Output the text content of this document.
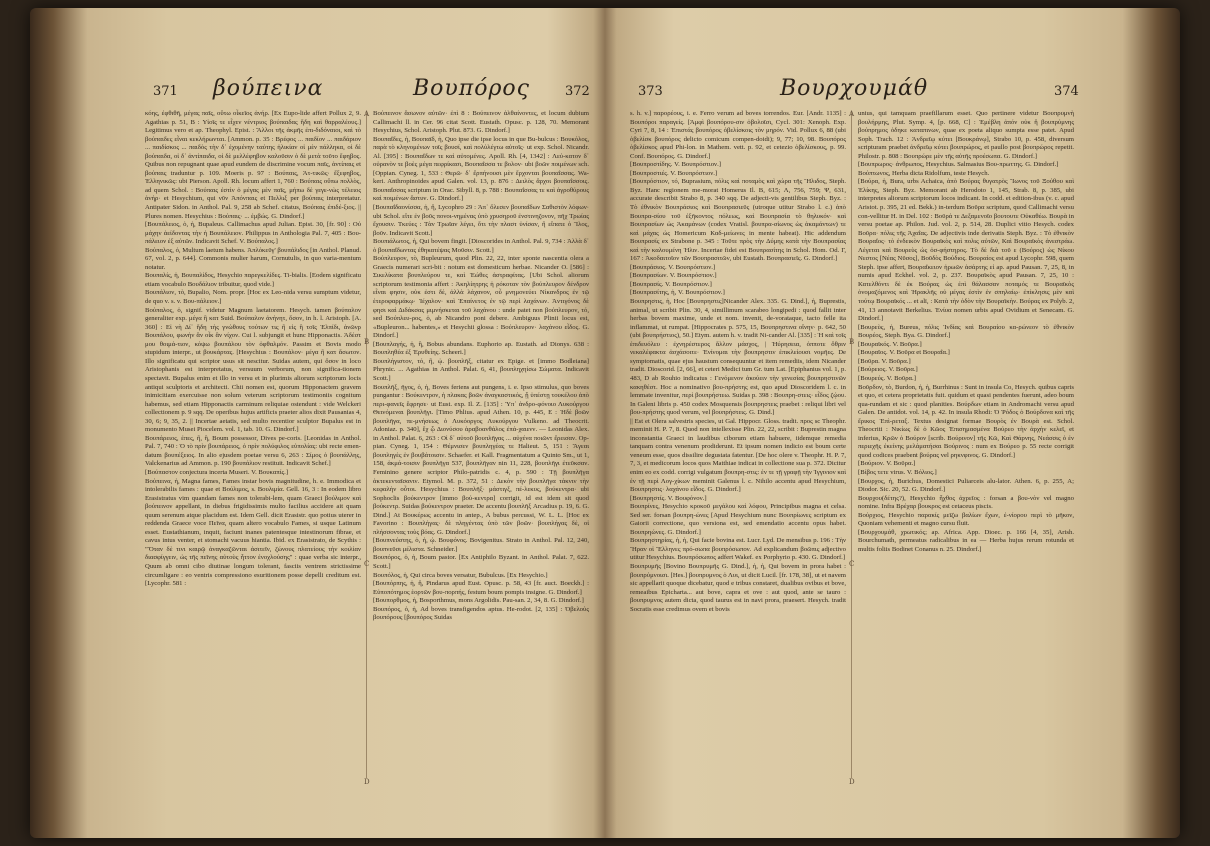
371 βούπεινα	Βουπόρος	372
κόης, ἐφθιθῆ, μέγας παῖς, οὕτω οἶκεῖος ἀνήρ. [Ex Eupo-lide affert Pollux 2, 9. Agathias p. 51, B : Υἱοῖς τε εἶχεν νέντριος βούπαιδας ἤδη καὶ θαρραλέους.] Legitimus vero et ap. Theophyl. Epist. : Ἄλλοι τῆς ἀκμῆς ἐπι-διδόναιοι, καὶ τὸ βούπαιδες εἶναι κεκλήρωνται. [Ammon. p. 35 : Βρέφος ... παιδίον ... παιδάριον ... παιδίσκος ... παιδὸς τὴν δ᾽ ἐχομένην ταύτης ἡλικίαν οἱ μὲν πάλληκα, οἱ δὲ βούπαιδα, οἱ δ᾽ ἀντίπαιδα, οἱ δὲ μελλέφηβον καλοῦσιν ὁ δὲ μετὰ τοῦτο ἔφηβος. Quibus non repugnant quae apud eundem de discrimine vocum παῖς, ἀντίπαις et βούπαις traduntur p. 109. Moeris p. 97 : Βούπαις, Ἀτ-τικῶς· ἔξεφηβος, Ἑλληνικῶς: ubi Pierson. Apoll. Rh. locum affert 1, 760 : Βούπαις οὔπω πολλὸς, ad quem Schol. : Βούπαις ἐστὶν ὁ μέγας μὲν παῖς, μήπω δὲ γεγε-νὼς τέλειος ἀνήρ· et Hesychium, qui νῦν Ἀπόνπαις et Πελλιξ per βούπαις interpretatur. Antipater Sidon. in Anthol. Pal. 9, 258 ab Schef. citatus, Βούπαις ἐπιδέ-ξιος. || Plures nomen. Hesychius : Βούπαις· ... ἐμβώς. G. Dindorf.]
[Βουπάλειος, ὁ, ἡ, Bupaleus. Callimachus apud Julian. Epist. 30, [fr. 90] : Οὐ μάχην ἀείδοντας τὴν ἡ Βουπάλειον. Philippus in Anthologia Pal. 7, 405 : Βου-πάλειον ἐξ αὐτῶν. Indicavit Schef. V. Βούπαλος.]
Βούπαλος, ὁ, Multum laetum habens. Ἀπλόκεῦγ' βουπάλιδος [in Anthol. Planud. 67, vol. 2, p. 644]. Commonis mulier harum, Cornutulis, in quo varia-mentum notatur.
Βουπαλίς, ἡ, Βουπαλίδος, Hesychio παρεγκελίδες. Ti-bialis. [Eodem significatu etiam vocabulo Βουδάλιον tribuitur, quod vide.]
Βουπάλιον, τὸ, Bupalio, Nom. propr. [Hoc ex Leo-nida versu sumptum videtur, de quo v. s. v. Βου-πάλειον.]
Βούπαλος, ὁ, signif. videtur Magnum laetatorem. Hesych. tamen βούπαλον generaliter exp. μέγα ἢ κατ Suid. Βούπαλον ἀνήνητ, ὅσον, in h. l. Aristoph. [A. 360] : Εἰ νὴ Δί᾽ ἤδη τὴς γνώθους τούτων τις ἢ εἰς ἢ τοῖς Ἐλπίδι, ἀνῶνρ Βουπάλου, φωνὴν ἂν οἶκ ἂν νίχον. Cui l. subjungit et hunc Hipponactis. Ἀδέστ μου θοιμά-τιον, κόψω βουπάλου τὸν ὀφθαλμόν. Passim et Bovis modo stupidum interpr., ut βουκάρτας. [Hesychius : Βουπάλον· μέγα ἢ κατ ἄσωτον. Illo significatu qui scriptor usus sit nescitur. Suidas autem, qui ὅσον in loco Aristophanis est interpretatus, versuum verborum, non significa-tionem spectavit. Bupalus enim et illo in versu et in plurimis aliorum scriptorum locis antiqui sculptoris et architecti. Chii nomen est, quorum Hipponactem gravem inimicitiam exercuisse non solum veterum scriptorum testimoniis cognitum habemus, sed etiam Hipponactis carminum reliquiae ostendunt : vide Welckeri collectionem p. 9 sqq. De operibus hujus artificis praeter alios dixit Pausanias 4, 30, 6; 9, 35, 2. || Incertae aetatis, sed multo recentior sculptor Bupalus est in monumento Musei Piocelem. vol. 1, tab. 10. G. Dindorf.]
Βουπάρειος, ἐπες, ἢ, ἢ, Boum possessor, Dives pe-coris. [Leonidas in Anthol. Pal. 7, 740 : Ὁ τὸ πρὶν βουπάρειος, ὁ πρὶν πολύφιλος εὐπολίας: ubi recte emen-datum βουπέξειος. In alio ejusdem poetae versu 6, 263 : Σίμος ὁ βουπάλλης, Valckenarius ad Ammon. p. 190 βουπάλιον restituit. Indicavit Schef.]
[Βούπαστον conjectura incerta Museri. V. Βουκαπίς.]
Βούπεινα, ἡ, Magna fames, Fames instar bovis magnitudine, h. e. Immodica et intolerabilis fames : quae et Βούλιμος, s. Βουλιμία. Gell. 16, 3 : In eodem libro Erasistratus vim quandam fames non tolerabi-lem, quam Graeci βούλιμον καὶ βούπεινον appellant, in diebus frigidissimis multo facilius accidere ait quam quum serenum atque placidum est. Idem Gell. dicit Erasistr. quo potius uterer in reddenda Graece voce Πεῖνα, quam altero vocabulo Fames, si usque Latinum esset. Eustathianum, inquit, faciunt inanes patentesque intestinorum fibrae, et cavus intus venter, et stomachi vacuus hiantia. Ibid. ex Erasistrato, de Scythis : "Ὅταν δὲ τινι καιρῷ ἀναγκαζῶνται ἀσιτεῖν, ζώνους πλατείους τὴν κοιλίαν διασφίγγειν, ὡς τῆς πεῖνης αὐτοὺς ἧττον ἐνοχλούσης" : quae verba sic interpr., Quum ab omni cibo diutinae longum tolerant, fasciis ventrem strictissime circumligare : eo ventris compressiono esuritionem posse depelli creditum est. [Lycophr. 581 :
A
B
C
D
Βούπεινον ἄσωνον αὐτῶν· ἐπὶ 8 : Βούπεινον ἀλθαίνοντες, et locum dubium Callimachi ll. in Cer. 96 citat Scott. Eustath. Opusc. p. 128, 70. Memorant Hesychius, Schol. Aristoph. Plut. 873. G. Dindorf.]
Βουπαΐδες, ἡ, Βουπαϊδ, ἡ, Quo ipse die ipse locus in que Bu-bulcus : Βουκόλος, παρὰ τὸ κληνομένων τοῖς βουσί, καὶ πολὺλέγτω αὐτοῖς· ut exp. Schol. Nicandr. Al. [395] : Βουπαΐδων τε καὶ αὐτομένες. Apoll. Rh. [4, 1342] : Λεύ-κατον δ᾽ οὐρανὸν τε βοὲς μέγα πεφρίκασι, Βουπαΐσσα τε βολον· ubi βοῶν ποιμένων sch. [Oppian. Cyneg. 1, 533 : Θερῶ· δ᾽ ἔρπήνουσι μὲν ἔρχονται βουπαΐσσας. Wa-keri. Anthropinoides apud Galen. vol. 13, p. 876 : Δειλὸς ἄρχοι βουπαΐσσοις. Βουπαΐσσας scriptum in Orac. Sibyll. 8, p. 788 : Βουπαΐσσας τε καὶ ἀγροθύρους καὶ ποιμένων ἄστυν. G. Dindorf.]
[Βουπαΐδαονίσσα, ἡ, ἢ, Lycophro 29 : Ἀπ᾽ ὄλεσεν βουπαΐδων Σαθιστὸν λόφων· ubi Schol. εἴτε ἐν βοῦς πονοι-νημένας ὑπὸ χρυσηροῦ ἐνστινηζονον, πῆχ Τρωίας ἔχουσιν. Τκεύες : Τὰν Τρωῖαν λέγει, ὅτι τὴν πλαστ ὑνίσαν, ἢ εἴπατε ὁ Ἴλος, βοῦν. Indicavit Scott.]
Βουπιάλωτος, ἡ, Qui bovem fingit. [Dioscorides in Anthol. Pal. 9, 734 : Ἀλλὰ δ᾽ ὁ βουπαΐδωντας ἐθηκατέψας Μοῦσιν. Scott.]
Βούπλευρον, τὸ, Bupleurum, quod Plin. 22, 22, inter sponte nascentia olera a Graecis numerari scri-bit : notum est domesticum herbae. Nicander O. [586] : Σικελίκατα βουπλεύρου τε, καὶ Ἑώθες ἀστραφίτας. [Ubi Schol. aliorum scriptorum testimonia affert : Ἀκηλίητρης ἡ ρόκοταν τὸν βούπλευρον δένδρον εἶναι φησιν, οὐκ ἐστι δὲ, ἀλλὰ λάχανον, οὗ μνημονεύει Νίκανδρος ἐν τῷ ἑτεροφαρμάκῳ· Ἰέχαλον· καὶ Ἐπαίνετος ἐν τῷ περὶ λαχάνων. Ἀντιγόνος δὲ φησι καὶ Διδάκσας μιμνήσκεται τοῦ λαχάνου : unde patet non βούπλευρον, τό, sed Βούπλευ-ρος, ὁ, ab Nicandro poni debere. Ambiguus Plinii locus est, «Bupleuron... habentes,» et Hesychii glossa : Βούπλευρον· λαχάνου εἶδος. G. Dindorf.]
[Βουπλαγής, ἡ, ἢ, Bobus abundans. Euphorio ap. Eustath. ad Dionys. 638 : Βουπληθέα ἐξ Ἐρυθείης. Scheeri.]
Βουπλήγιστον, τό, ἢ, ᾠ. βουπλῆξ, citatur ex Epige. et [immo Bodleiana] Phrynic. ... Agathias in Anthol. Palat. 6, 41, βουπληχηίσω Σώματα. Indicavit Scott.]
Βουπλῆξ, ῆγος, ὁ, ἡ, Boves feriens aut pungens, i. e. Ipso stimulus, quo boves pungantur : Βούκεντρον, ἡ πλακας βοῶν ἀναγκαστικός, ᾗ ὑπέστῃ τουκέλου ἀπὸ περι-φανεῖς ἔφρησε· ut Eust. exp. Il. Z. [135] : Ὑπ᾽ ἀνδρο-φόνοιο Λυκούργου Θεινόμεναι βουπλῆγι. [Timo Phlius. apud Athen. 10, p. 445, E : Ἡδὲ βοῶν βουπλῆγα, πε-μνήσεως ὁ Λυκόοργος Λυκούργου Vulkeno. ad Theocrit. Adoniaz. p. 340], ἔχ ᾧ Διονύσου ἀραβοανθάλος ἐπά-χαιενν. — Leonidas Alex. in Anthol. Palat. 6, 263 : Οἱ δ᾽ αὐτοῦ βουπλῆγας ... αὐχένα ποιῶντ ἔρεισαν. Op-pian. Cyneg. 1, 154 : Θέμνισεν βουπληγέας τε Halieut. 5, 151 : Ἄγεαι βουπληγὲς ἐν βουβάτοισιν. Schaefer. et Kall. Fragmentatum a Quinto Sm., ut 1, 158, ἀκμά-τοισιν βουπλῆγα 537, βουπλῆγαν nin 11, 228, βουπλῆγι ἐτεῦκσαν. Feminino genere scriptor Philo-patridis c. 4, p. 590 : Τῇ βουπλῆγα ἀκτεκενταῖσανιν. Etymol. M. p. 372, 51 : Δεκὸν τὴν βουπλῆγα τάκνιν τὴν κεφαλὴν οὗτοι. Hesychius : Βουπλῆξ· μάστιγξ, πέ-λεκυς, βούκεντρα· ubi Sophoclis βούκεντρον [immo βού-κεντρα] corrigit, id est idem sit quod βούκεντρ. Suidas βούκεντρον praeter. De accentu βουπλῆξ Arcadius p. 19, 6. G. Dind.] At Βουκέρως accentu in antep., A bubus percussi, W. L. L. [Hoc ex Favorino : Βουπλήγας· δὲ πληγέντας ὑπὸ τῶν βοῶν· βουπλήγας δὲ, οἱ πλήσσοντας τοὺς βόας. G. Dindorf.]
[Βουπνεύστης, ὁ, ἡ, ᾠ. Βουφόνος. Bovigenitus. Strato in Anthol. Pal. 12, 240, βουπνεῦσι μέλιστα. Schneider.]
Βουπόρος, ὁ, ἡ, Boum pastor. [Ex Antiphilo Byzant. in Anthol. Palat. 7, 622. Scott.]
Βουπόλος, ἡ, Qui circa boves versatur, Bubulcus. [Ex Hesychio.]
[Βουπόρπης, ἡ, ἢ, Pindarus apud Eust. Opusc. p. 58, 43 [fr. auct. Boeckh.] : Εὐποπότημος ἑορτῶν βου-πορπής, festum boum pompis insigne. G. Dindorf.]
[Βουπορθμος, ἡ, Bosporthmus, mons Argolidis. Pau-san. 2, 34, 8. G. Dindorf.]
Βουπόρος, ὁ, ἡ, Ad boves transfigendos aptus. He-rodot. [2, 135] : Ὀβελοὺς βουπόρους [βουπόρος Suidas
373	Βουρχουμάθ	374
s. h. v.] παρορέους, i. e. Ferro verum ad boves torrendos. Eur. [Andr. 1135] : Βουπόροι παραγείς. [Ἀμφὶ βουπόρου-σιν ὀβολοῖσι, Cycl. 301: Xenoph. Exp. Cyri 7, 8, 14 : Ἐπιστάς βουπόρος ὀβελίσκοις τὸν μηρόν. Vid. Pollux 6, 88 (ubi ὀβελίσκ βουπόρος delicto comicum compen-doidi); 9, 77; 10, 98. Βουπόρος ὀβελίσκος apud Phi-lon. in Mathem. vett. p. 92, et cetezio ὀβελίσκους, p. 99. Conf. Βουπόρος. G. Dindorf.]
[Βουπροστίδης. V. Βουπρόστιον.]
[Βουπροστιές. V. Βουπρόστιον.]
[Βουπρόστιον, τό, Buprasium, πόλις καὶ ποταμὸς καὶ χώρα τῆς Ἤλιδος, Steph. Byz. Hanc regionem me-morat Homerus Il. B, 615; Λ, 756, 759; Ψ, 631, accurate describit Strabo 8, p. 340 sqq. De adjecti-vis gentilibus Steph. Byz. : Τὸ ἐθνικὸν Βουπράσιος καὶ Βουπρασιεῦς (utroque utitur Strabo l. c.) ἀπὸ Βουπρα-σίου τοῦ ἐξῆκοντος πόλεως, καὶ Βουπρασία τὸ θηλυκόν· καὶ Βουπρασίων ὡς Ἀκαμάνων (codex Vratisl. βουπρα-σίωνος ὡς ἀκαμάντων) τε καὶ μάχας ὡς Homericum Καδ-μείωνες in mente habeat). Hic addendum Βουπρασίς ex Strabone p. 345 : Τοῦτε πρὸς τὴν Δύμης κατὰ τὴν Βουπρασίας καὶ τὴν καλουμένη Ἠλιν. Incertae fidei est Βουπρασίτης in Schol. Hom. Od. Γ, 167 : Ἀκοδαιτοῖον τῶν Βουπρασιτῶν, ubi Eustath. Βουπρασιεῖς. G. Dindorf.]
[Βουπράσιος. V. Βουπρόστιον.]
[Βουπρασίων. V. Βουπρόστιον.]
[Βουπρασίς. V. Βουπρόστιον.]
[Βουπρασίτης, ἡ, V. Βουπρόστιον.]
Βουπρηστις, ἡ, Hoc [Βουπρηστις]Nicander Alex. 335. G. Dind.], ἡ, Buprestis, animal, ut scribit Plin. 30, 4, simillimum scarabeo longipedi : quod fallit inter herbas bovem maxime, unde et nom. invenit, de-vorataque, tacto felle ita inflammat, ut rumpat. [Hippocrates p. 575, 15, Βουπρηστινα οἴνην· p. 642, 50 (ubi βουπρήστιος), 50.] Etym. autem h. v. tradit Ni-cander Al. [335] : Ἡ καὶ τοῖς ἐπιδευόλευ : ἐχνηρέστερος ἄλλον μάσχος, | Ἠύρησεια, ὀπποτε ὄθριν νεκαλέφακτα ἀσχάσοιτε· Ἐνίνομαι τὴν βουπρηστιν ἐπικλείουσι νομῆες. De symptomatis, quae ejus haustum consequuntur et item remediis, idem Nicander tradit. Dioscorid. [2, 66], et ceteri Medici tum Gr. tum Lat. [Epiphanius vol. 1, p. 483, D ab Rouhio indicatus : Γενόμενον ἀκούειν τὴν γενεσίας βουπρηστινῶν κακηθέστ. Hoc a nominativo βου-πρήστης est, quo apud Dioscoridem l. c. in lemmate invenitur, περὶ βουπρήστεω. Suidas p. 398 : Βουπρη-στεις· εἶδος ζῴου. In Galeni libris p. 450 codex Mosquensis βουπρηστεις praebet : reliqui libri vel βου-πρήστης quod verum, vel βουπρήστεις. G. Dind.]
|| Est et Olera salvestris species, ut Gal. Hippocr. Gloss. tradit. προς sc Theophr. meminit H. P. 7, 8. Quod non intellexisse Plin. 22, 22, scribit : Buprestin magna inconstantia Graeci in laudibus ciborum etiam habuere, iidemque remedia tanquam contra venenum prodiderunt. Et ipsum nomen indicio est boum certe veneum esse, quos dissilire degustata fatentur. [De hoc olere v. Theophr. H. P. 7, 7, 3, et medicorum locos quos Matthiae indicat in collectione sua p. 372. Dicitur enim eo ex codd. corrigi vulgatum βουπρη-στις: ἐν τε τῇ γραφῇ τὴν Ἰγγινιον καὶ ἐν τῇ περὶ Λογ-χίκων meminit Galenus l. c. Nihilo accentu apud Hesychium, Βουπρηστις· λαχάνου εἶδος. G. Dindorf.]
[Βουπρηστίς. V. Βουφόνον.]
Βουπρίνες, Hesychio κροκοῦ μεγάλου καὶ λόφου, Principibus magna et celsa. Sed ser. forsan βουπρη-ώνες [Apud Hesychium nunc Βουπρίωνες scriptum ex Gaiorii correctione, quo versiona est, sed emendatio accentu opus habet. Βουπρηώνες. G. Dindorf.]
Βουπρηστηρίας, ἡ, ἡ, Qui facie bovina est. Lucr. Lyd. De mensibus p. 196 : Τὴν Ἥραν οἱ Ἕλληνες πρό-σωπα βουπρόσωπον. Ad explicandum βοῶπις adjectivo utitur Hesychius. Βουπρόσωπος adfert Wakef. ex Porphyrio p. 430. G. Dindorf.]
Βουπρυμῆς [Bovino Βουπρυμῆς G. Dind.], ἡ, ἡ, Qui bovem in prora habet : βουπρύμνοισι. [Hes.] βουπρυμνος ὁ Λυι, ut dicit Lucil. [fr. 178, 38], ut et navem sic appellarit quoque dicebatur, quod e tribus constaret, dualibus ovibus et bove, remeaibus Epicharta... aut bove, capra et ove : aut quod, ante se tauro : βουπρυμνος autem dicta, quod taurus est in navi prora, praesert. Hesych. tradit Socratis esse credimus ovem et bovis
A
B
C
D
unius, qui tamquam praefillarum esset. Quo pertinere videtur Βουπρυμνὴ βουλήρμης, Plut. Symp. 4, [p. 668, C] : Ἐμέβλη ἀπόν οὐκ ἢ βουπρύμνης βούπρημος ὀδηκε καταπινων, quae ex poeta aliquo sumpta esse patet. Apud Soph. Trach. 12 : Ἀνδρεῖῳ κύτει [Βουκράνῳ], Strabo 10, p. 458, diversum scripturam praebet ἀνδρεῖῳ κύτει βουπρώρος, et paullo post βουπρώρος repetit. Philostr. p. 808 : Βουπρώρε μὲν τῆς αὐτῆς προέσωπα. G. Dindorf.]
[Βουπρωρος· ἀνθρωπος, Hesychius. Salmasius Βου-πρωττης. G. Dindorf.]
Βούπτωνος, Herba dicta Ridolfum, teste Hesych.
[Βούρα, ἡ, Bura, urbs Achaica, ἀπὸ Βούρας θυγατρὸς Ἴωνος τοῦ Ξούθου καὶ Ἑλίκης, Steph. Byz. Memorant ab Herodoto 1, 145, Strab. 8, p. 385, ubi interpretes aliorum scriptorum locos indicant. In codd. et edition-ibus (v. c. apud Aristot. p. 395, 21 ed. Bekk.) in-terdum Βοῦρα scriptum, quod Callimachi versu con-vellitur H. in Del. 102 : Βοῦρά τε Δεξαμενοῖο βουτουτε Οὐκαθέω. Βουρὰ in versu poetae ap. Philon. Jud. vol. 2, p. 514, 28. Duplici vitio Hesych. codex Βοῦρα· πόλις τῆς Ἀχαΐας. De adjectivis inde derivatis Steph. Byz. : Τὸ ἐθνικὸν Βουραΐος· τὸ ἐνδεικὸν Βουραϊκὸς καὶ πολις αὐτῶν, Καὶ Βουραϊκὸς ἀνεστράω. Λέγεται καὶ Βουρεὺς ὡς ὀσ-φήστηρος. Τὸ δὲ διὰ τοῦ ε (Βούρος) ὡς Νίκου Νεστος [Νέας Νῦσος], Βοῦδὸς Βούδιος. Βουραίος est apud Lycophr. 598, quem Steph. ipse affert, Βουραΐκειον ἡρωῶν ἀσάρτης εἰ ap. apud Pausan. 7, 25, 8, in numis apud Eckhel. vol. 2, p. 237. Βουραϊκὸς apud Pausan. 7, 25, 10 : Κατελθόντι δὲ ἐκ Βούρας ὡς ἐπὶ θάλασσαν ποταμός τε Βουραϊκὸς ὀνομαζόμενος καὶ Ἡρακλῆς οὐ μέγας ἐστὶν ἐν σπηλαίῳ· ἐπίκλησις μὲν καὶ τούτῳ Βουραϊκός ... et alī, : Κατὰ τὴν ὁδὸν τὴν Βουραϊκὴν. Βούρας ex Polyb. 2, 41, 13 annotavit Berkelius. Ἐνίυα nomen urbis apud Ovidium et Senecam. G. Dindorf.]
[Βουρεὺς, ἡ, Bureus, πόλις Ἰνδίας καὶ Βουραίου κα-ρώνεον τὸ ἐθνικὸν Βουρέος, Steph. Bya. G. Dindorf.]
[Βουραϊκός. V. Βοῦρα.]
[Βουραῖος. V. Βοῦρα et Βουραΐα.]
[Βοῦρα. V. Βοῦρα.]
[Βούρειος. V. Βοῦρα.]
[Βουρεύς. V. Βοῦρα.]
Βοῦρδον, τὸ, Burdon, ἡ, ἡ, Burrhinus : Sunt in insula Co, Hesych. quibus capris et quo, et cetera proprietatis fuit. quidum et quasi pendentes fuerunt, adeo boum qua-rundam et sic : quod planities. Βούρδων etiam in Andromachi versu apud Galen. De antidot. vol. 14, p. 42. In insula Rhodi: Ὁ Ῥόδος ὁ Βούρδονα καὶ τῆς ἔρικος Ἐπὶ-ρεταξ. Textus designat formae Βουρὸς ἐν Βουρὰ est. Schol. Theocriti : Νικίως δὲ ὁ Κῶος Ἐπισημασμένα Βούρεο τὴν ἀρχὴν κελεῖ, et inferius, Κρῶν ὁ Βούρον [scrib. Βούρινον] τῆς Κῶ, Καὶ Θάρνης, Νεάσσις ὁ ἐν περιεχῆς ἐκείνης μελάματήσαι Βούρινος : num ex Βούρεο p. 55 recte corrigit quod codices praebent βούρας vel ρηκνφινος. G. Dindorf.]
[Βούριον. V. Βοῦρα.]
[Βίβος τετε virus. V. Βόλιος.]
[Βουρχος, ἡ, Burichus, Domestici Puliarceis alu-lator. Athen. 6, p. 255, A; Diodor. Sic. 20, 52. G. Dindorf.]
Βουρχου(δέτης?), Hesychio ἦχθος ἀχρεῖος : forsan a βου-νὸν vel magno nomine. Infra Βρέχαρ βουκρος est cetaceus piscis.
Βούρχιος, Hesychio παρακίς μεῖζω βαλίων ἔχων, ἐ-νίορου περὶ τὸ μῆκον, Quoniam vehementi et magno cursu fluit.
[Βουρχουμάθ, χρωτικός; ap. Africa. App. Dioec. p. 166 [4, 35], Arish. Bourchumath, permeatus radicalibus in ea — Herba hujus rerum rotunda et multis foliis Bodinet Conanus n. 25. Dindorf.]
